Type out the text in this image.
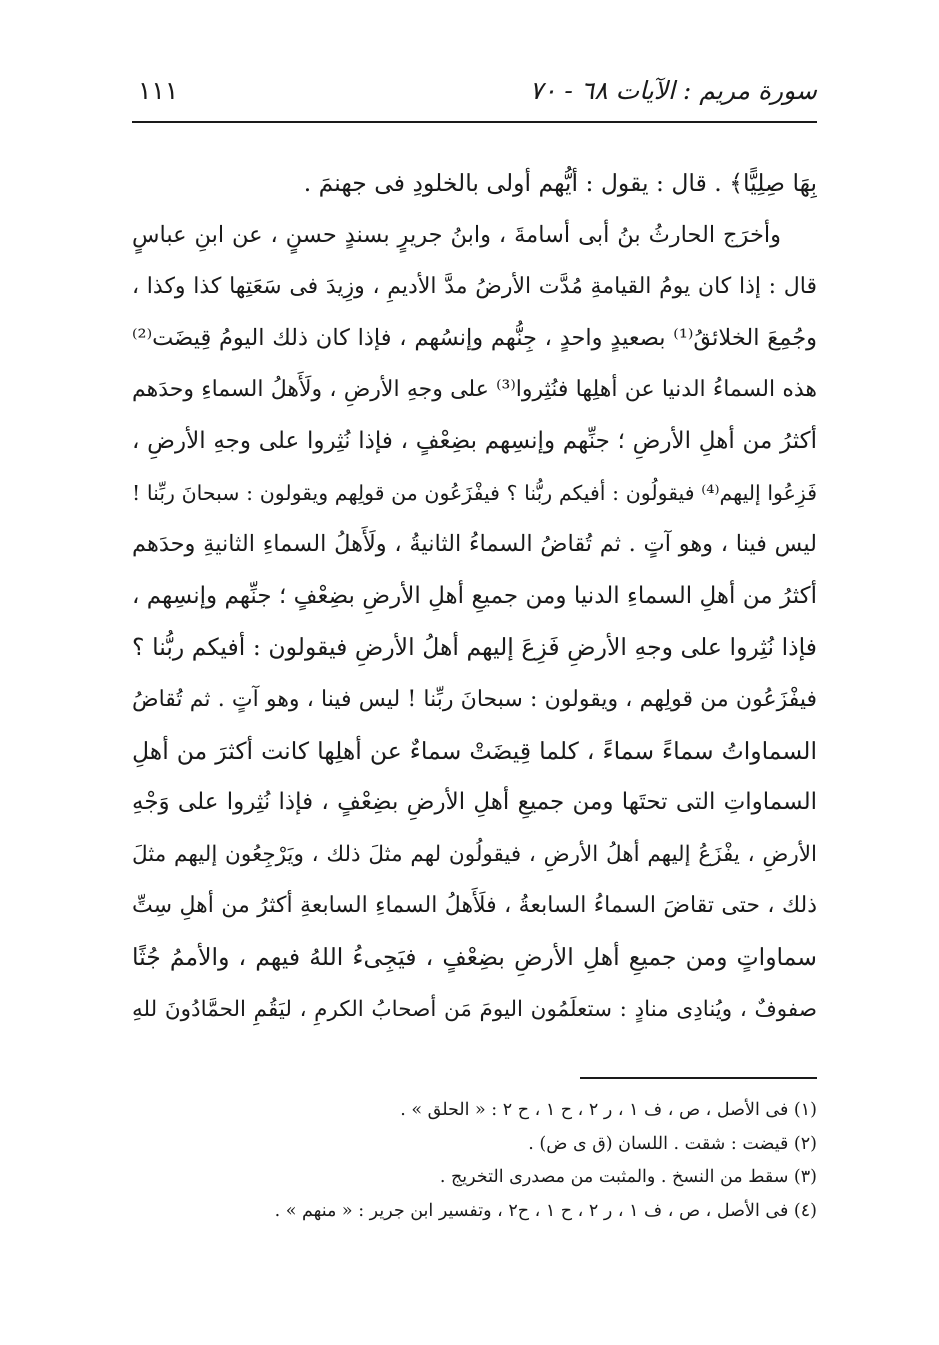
سورة مريم : الآيات ٦٨ - ٧٠
١١١
بِهَا صِلِيًّا﴾ . قال : يقول : أيُّهم أولى بالخلودِ فى جهنمَ .
وأخرَج الحارثُ بنُ أبى أسامةَ ، وابنُ جريرٍ بسندٍ حسنٍ ، عن ابنِ عباسٍ
قال : إذا كان يومُ القيامةِ مُدَّت الأرضُ مدَّ الأديمِ ، وزِيدَ فى سَعَتِها كذا وكذا ،
وجُمِعَ الخلائقُ⁽¹⁾ بصعيدٍ واحدٍ ، جِنُّهم وإنسُهم ، فإذا كان ذلك اليومُ قِيضَت⁽²⁾
هذه السماءُ الدنيا عن أهلِها فنُثِروا⁽³⁾ على وجهِ الأرضِ ، ولَأَهلُ السماءِ وحدَهم
أكثرُ من أهلِ الأرضِ ؛ جنِّهم وإنسِهم بضِعْفٍ ، فإذا نُثِروا على وجهِ الأرضِ ،
فَزِعُوا إليهم⁽⁴⁾ فيقولُون : أفيكم ربُّنا ؟ فيفْزَعُون من قولِهم ويقولون : سبحانَ ربِّنا !
ليس فينا ، وهو آتٍ . ثم تُقاضُ السماءُ الثانيةُ ، ولَأَهلُ السماءِ الثانيةِ وحدَهم
أكثرُ من أهلِ السماءِ الدنيا ومن جميعِ أهلِ الأرضِ بضِعْفٍ ؛ جنِّهم وإنسِهم ،
فإذا نُثِروا على وجهِ الأرضِ فَزِعَ إليهم أهلُ الأرضِ فيقولون : أفيكم ربُّنا ؟
فيفْزَعُون من قولِهم ، ويقولون : سبحانَ ربِّنا ! ليس فينا ، وهو آتٍ . ثم تُقاضُ
السماواتُ سماءً سماءً ، كلما قِيضَتْ سماءٌ عن أهلِها كانت أكثرَ من أهلِ
السماواتِ التى تحتَها ومن جميعِ أهلِ الأرضِ بضِعْفٍ ، فإذا نُثِروا على وَجْهِ
الأرضِ ، يفْزَعُ إليهم أهلُ الأرضِ ، فيقولُون لهم مثلَ ذلك ، ويَرْجِعُون إليهم مثلَ
ذلك ، حتى تقاضَ السماءُ السابعةُ ، فلَأَهلُ السماءِ السابعةِ أكثرُ من أهلِ سِتِّ
سماواتٍ ومن جميعِ أهلِ الأرضِ بضِعْفٍ ، فيَجِىءُ اللهُ فيهم ، والأممُ جُثًا
صفوفٌ ، ويُنادِى منادٍ : ستعلَمُون اليومَ مَن أصحابُ الكرمِ ، ليَقُمِ الحمَّادُونَ للهِ
(١) فى الأصل ، ص ، ف ١ ، ر ٢ ، ح ١ ، ح ٢ : « الحلق » .
(٢) قيضت : شقت . اللسان (ق ى ض) .
(٣) سقط من النسخ . والمثبت من مصدرى التخريج .
(٤) فى الأصل ، ص ، ف ١ ، ر ٢ ، ح ١ ، ح٢ ، وتفسير ابن جرير : « منهم » .
